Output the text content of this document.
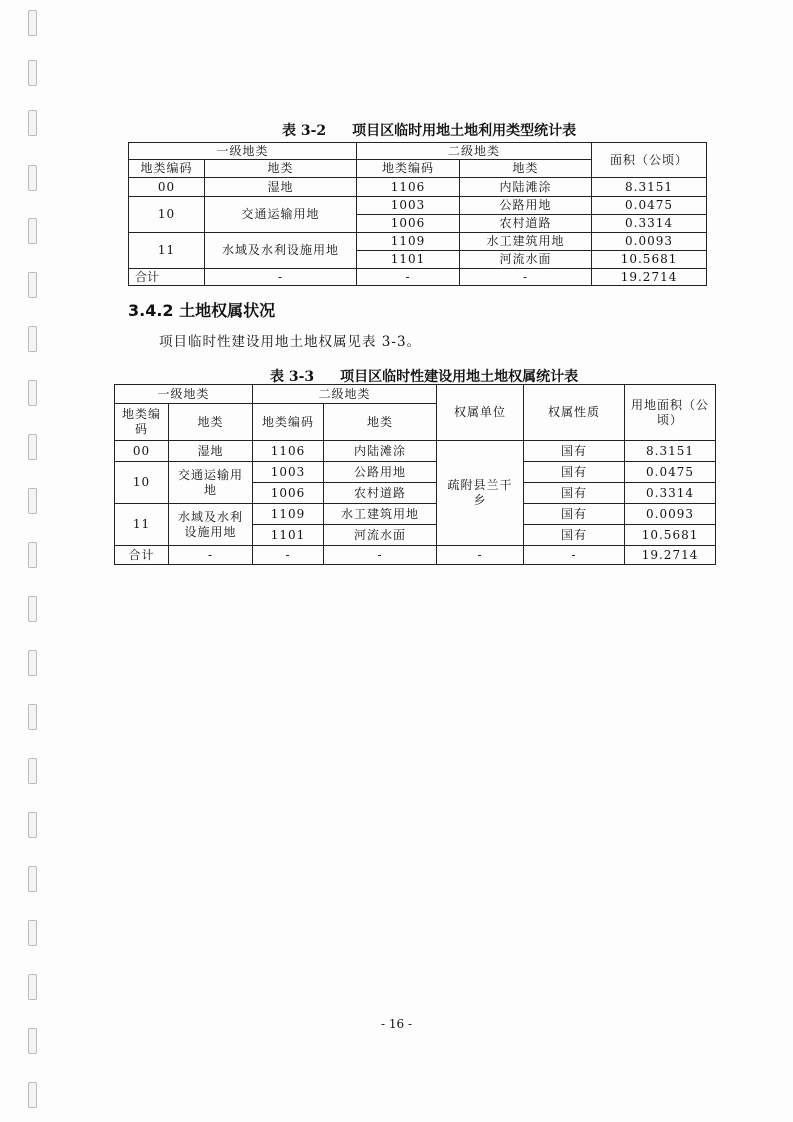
表 3-2 项目区临时用地土地利用类型统计表
一级地类		二级地类		面积（公顷）
地类编码	地类	地类编码	地类	
00	湿地	1106	内陆滩涂	8.3151
10	交通运输用地	1003	公路用地	0.0475
		1006	农村道路	0.3314
11	水域及水利设施用地	1109	水工建筑用地	0.0093
		1101	河流水面	10.5681
合计	-	-	-	19.2714
3.4.2 土地权属状况
项目临时性建设用地土地权属见表 3-3。
表 3-3 项目区临时性建设用地土地权属统计表
一级地类		二级地类		权属单位	权属性质	用地面积（公顷）
地类编码	地类	地类编码	地类			
00	湿地	1106	内陆滩涂	疏附县兰干乡	国有	8.3151
10	交通运输用地	1003	公路用地		国有	0.0475
		1006	农村道路		国有	0.3314
11	水域及水利设施用地	1109	水工建筑用地		国有	0.0093
		1101	河流水面		国有	10.5681
合计	-	-	-	-	-	19.2714
- 16 -
